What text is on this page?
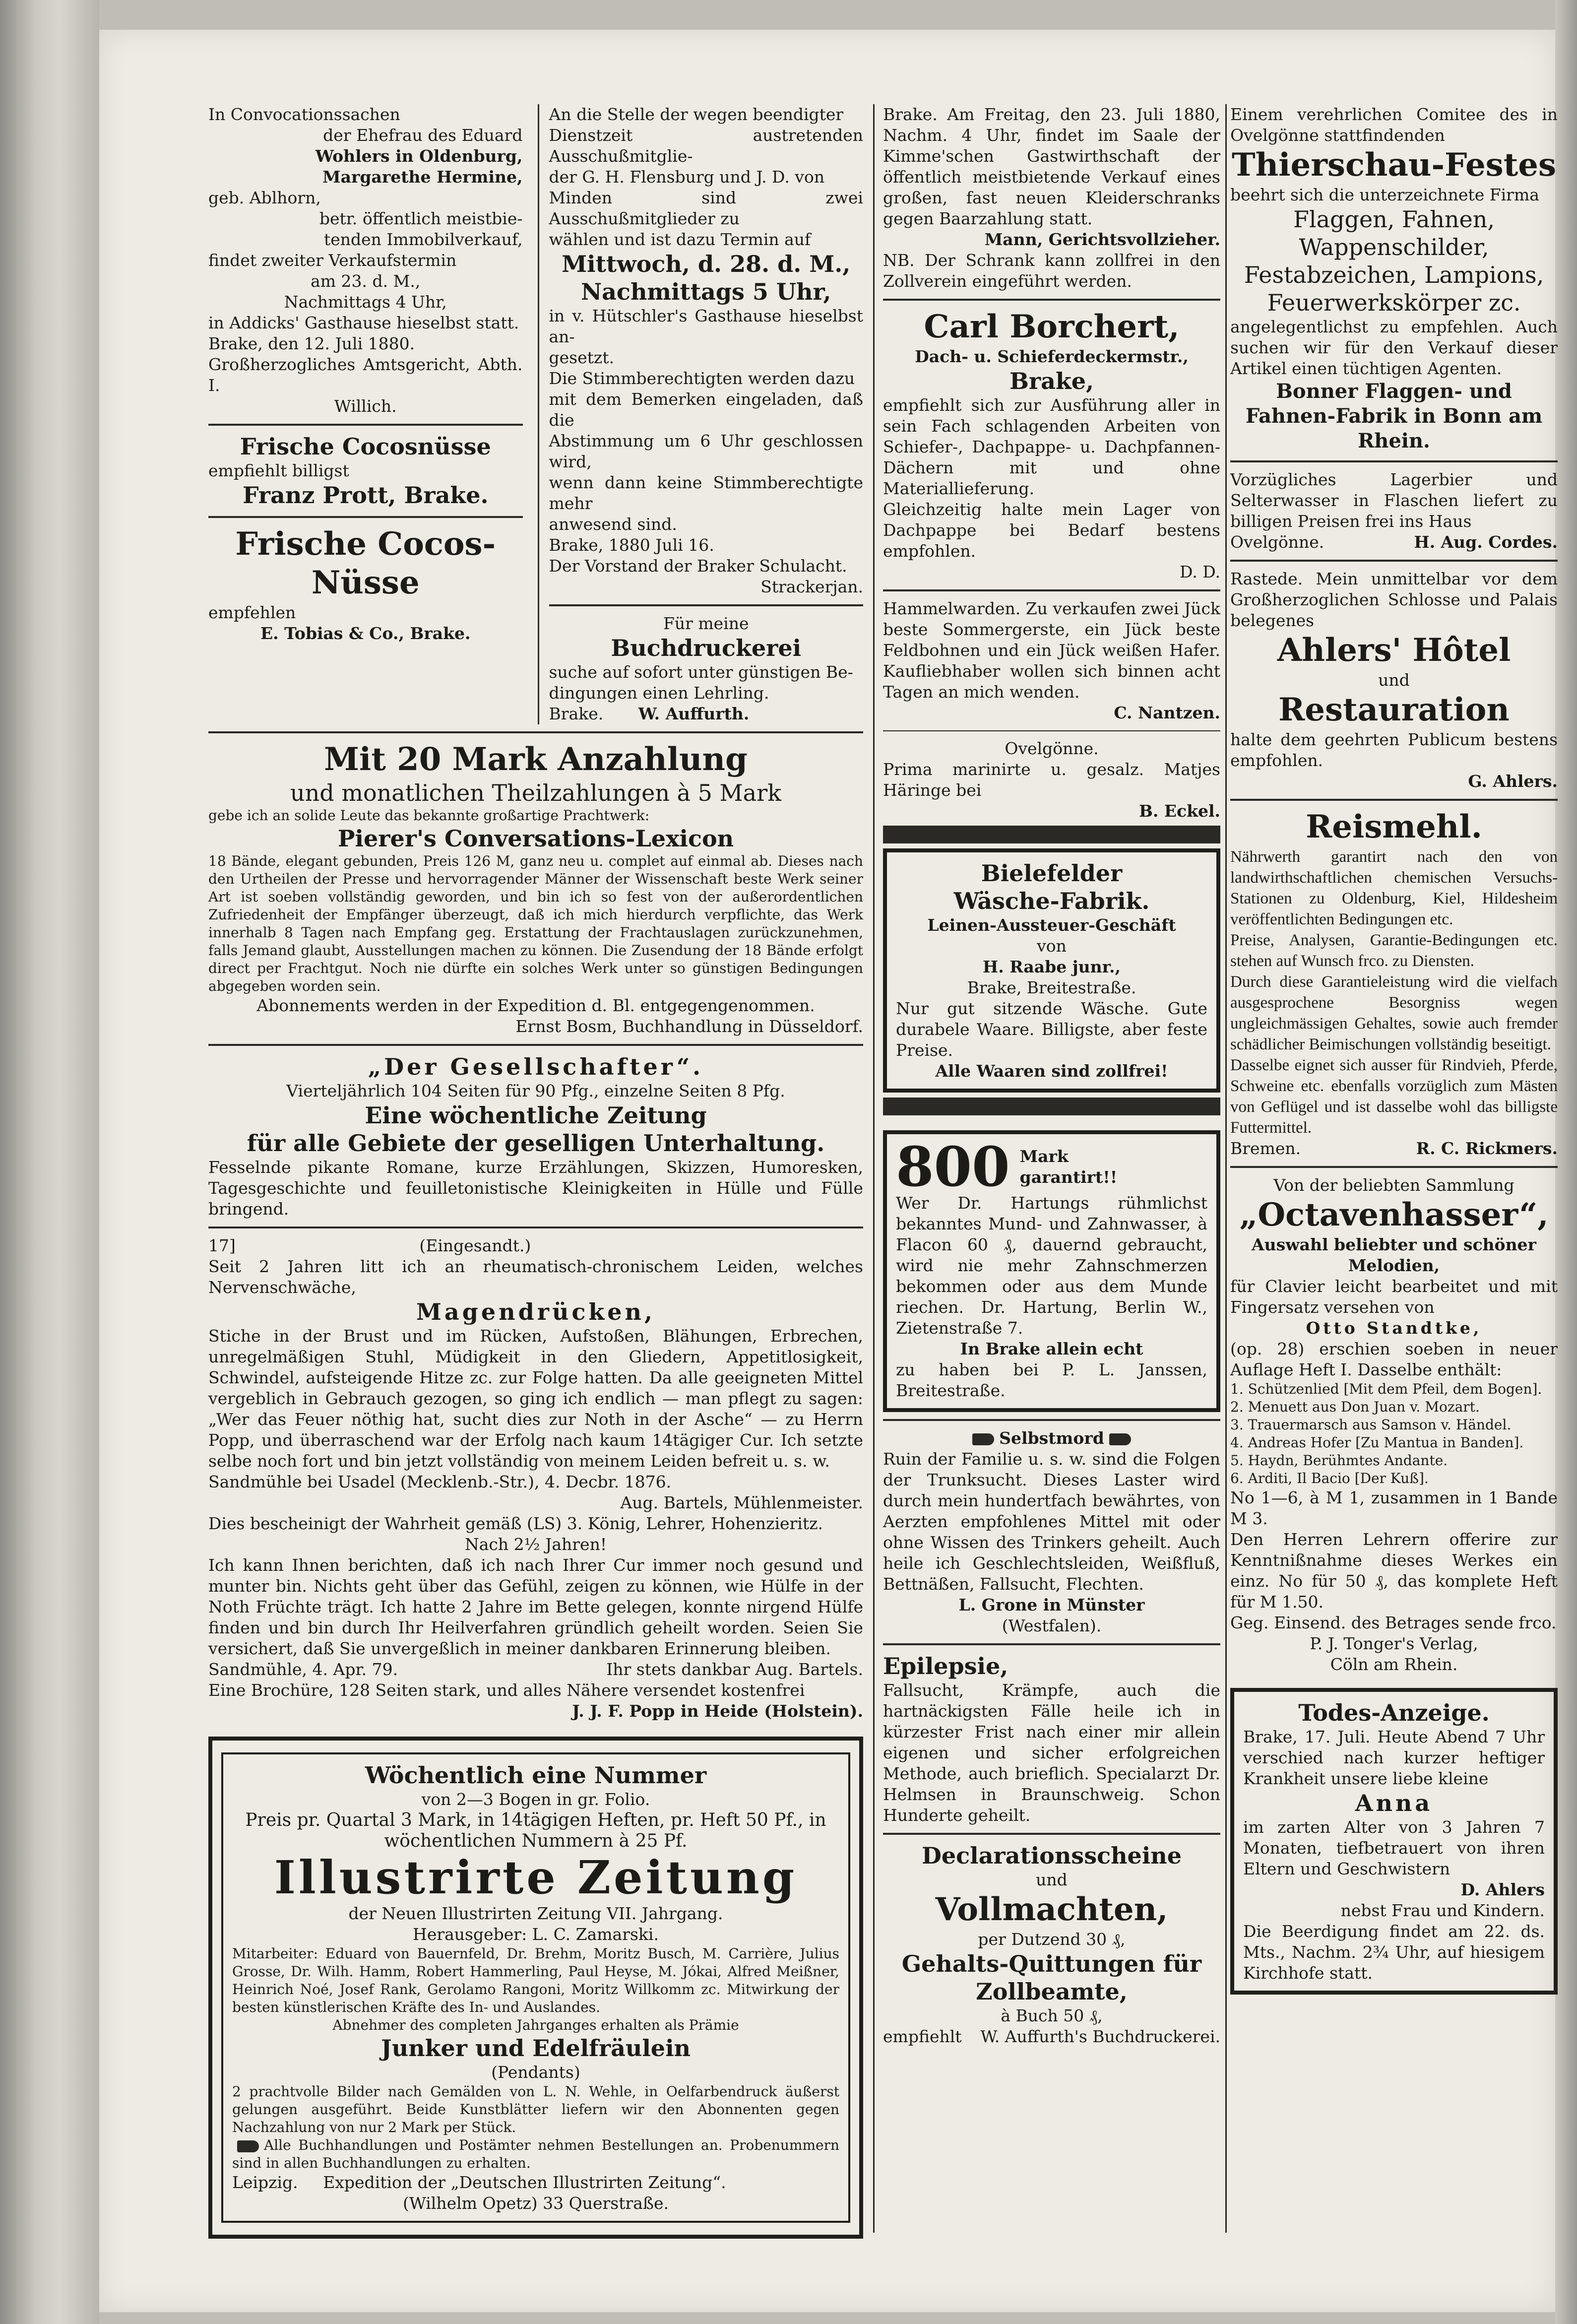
In Convocationssachen
der Ehefrau des Eduard
Wohlers in Oldenburg,
Margarethe Hermine,
geb. Ablhorn,
betr. öffentlich meistbie-
tenden Immobilverkauf,
findet zweiter Verkaufstermin
am 23. d. M.,
Nachmittags 4 Uhr,
in Addicks' Gasthause hieselbst statt.
Brake, den 12. Juli 1880.
Großherzogliches Amtsgericht, Abth. I.
Willich.
Frische Cocosnüsse
empfiehlt billigst
Franz Prott, Brake.
Frische Cocos-Nüsse
empfehlen
E. Tobias & Co., Brake.
An die Stelle der wegen beendigter
Dienstzeit austretenden Ausschußmitglie-
der G. H. Flensburg und J. D. von
Minden sind zwei Ausschußmitglieder zu
wählen und ist dazu Termin auf
Mittwoch, d. 28. d. M.,
Nachmittags 5 Uhr,
in v. Hütschler's Gasthause hieselbst an-
gesetzt.
Die Stimmberechtigten werden dazu
mit dem Bemerken eingeladen, daß die
Abstimmung um 6 Uhr geschlossen wird,
wenn dann keine Stimmberechtigte mehr
anwesend sind.
Brake, 1880 Juli 16.
Der Vorstand der Braker Schulacht.
Strackerjan.
Für meine
Buchdruckerei
suche auf sofort unter günstigen Be-
dingungen einen Lehrling.
Brake. W. Auffurth.
Mit 20 Mark Anzahlung
und monatlichen Theilzahlungen à 5 Mark
gebe ich an solide Leute das bekannte großartige Prachtwerk:
Pierer's Conversations-Lexicon
18 Bände, elegant gebunden, Preis 126 M, ganz neu u. complet auf einmal ab. Dieses nach den Urtheilen der Presse und hervorragender Männer der Wissenschaft beste Werk seiner Art ist soeben vollständig geworden, und bin ich so fest von der außerordentlichen Zufriedenheit der Empfänger überzeugt, daß ich mich hierdurch verpflichte, das Werk innerhalb 8 Tagen nach Empfang geg. Erstattung der Frachtauslagen zurückzunehmen, falls Jemand glaubt, Ausstellungen machen zu können. Die Zusendung der 18 Bände erfolgt direct per Frachtgut. Noch nie dürfte ein solches Werk unter so günstigen Bedingungen abgegeben worden sein.
Abonnements werden in der Expedition d. Bl. entgegengenommen.
Ernst Bosm, Buchhandlung in Düsseldorf.
„Der Gesellschafter“.
Vierteljährlich 104 Seiten für 90 Pfg., einzelne Seiten 8 Pfg.
Eine wöchentliche Zeitung
für alle Gebiete der geselligen Unterhaltung.
Fesselnde pikante Romane, kurze Erzählungen, Skizzen, Humoresken, Tagesgeschichte und feuilletonistische Kleinigkeiten in Hülle und Fülle bringend.
17]	(Eingesandt.)
Seit 2 Jahren litt ich an rheumatisch-chronischem Leiden, welches Nervenschwäche,
Magendrücken,
Stiche in der Brust und im Rücken, Aufstoßen, Blähungen, Erbrechen, unregelmäßigen Stuhl, Müdigkeit in den Gliedern, Appetitlosigkeit, Schwindel, aufsteigende Hitze zc. zur Folge hatten. Da alle geeigneten Mittel vergeblich in Gebrauch gezogen, so ging ich endlich — man pflegt zu sagen: „Wer das Feuer nöthig hat, sucht dies zur Noth in der Asche“ — zu Herrn Popp, und überraschend war der Erfolg nach kaum 14tägiger Cur. Ich setzte selbe noch fort und bin jetzt vollständig von meinem Leiden befreit u. s. w.
Sandmühle bei Usadel (Mecklenb.-Str.), 4. Decbr. 1876.
Aug. Bartels, Mühlenmeister.
Dies bescheinigt der Wahrheit gemäß (LS) 3. König, Lehrer, Hohenzieritz.
Nach 2½ Jahren!
Ich kann Ihnen berichten, daß ich nach Ihrer Cur immer noch gesund und munter bin. Nichts geht über das Gefühl, zeigen zu können, wie Hülfe in der Noth Früchte trägt. Ich hatte 2 Jahre im Bette gelegen, konnte nirgend Hülfe finden und bin durch Ihr Heilverfahren gründlich geheilt worden. Seien Sie versichert, daß Sie unvergeßlich in meiner dankbaren Erinnerung bleiben.
Sandmühle, 4. Apr. 79.	Ihr stets dankbar Aug. Bartels.
Eine Brochüre, 128 Seiten stark, und alles Nähere versendet kostenfrei
J. J. F. Popp in Heide (Holstein).
Wöchentlich eine Nummer
von 2—3 Bogen in gr. Folio.
Preis pr. Quartal 3 Mark, in 14tägigen Heften, pr. Heft 50 Pf., in wöchentlichen Nummern à 25 Pf.
Illustrirte Zeitung
der Neuen Illustrirten Zeitung VII. Jahrgang.
Herausgeber: L. C. Zamarski.
Mitarbeiter: Eduard von Bauernfeld, Dr. Brehm, Moritz Busch, M. Carrière, Julius Grosse, Dr. Wilh. Hamm, Robert Hammerling, Paul Heyse, M. Jókai, Alfred Meißner, Heinrich Noé, Josef Rank, Gerolamo Rangoni, Moritz Willkomm zc. Mitwirkung der besten künstlerischen Kräfte des In- und Auslandes.
Abnehmer des completen Jahrganges erhalten als Prämie
Junker und Edelfräulein
(Pendants)
2 prachtvolle Bilder nach Gemälden von L. N. Wehle, in Oelfarbendruck äußerst gelungen ausgeführt. Beide Kunstblätter liefern wir den Abonnenten gegen Nachzahlung von nur 2 Mark per Stück.
Alle Buchhandlungen und Postämter nehmen Bestellungen an. Probenummern sind in allen Buchhandlungen zu erhalten.
Leipzig. Expedition der „Deutschen Illustrirten Zeitung“.
(Wilhelm Opetz) 33 Querstraße.
Brake. Am Freitag, den 23. Juli 1880, Nachm. 4 Uhr, findet im Saale der Kimme'schen Gastwirthschaft der öffentlich meistbietende Verkauf eines großen, fast neuen Kleiderschranks gegen Baarzahlung statt.
Mann, Gerichtsvollzieher.
NB. Der Schrank kann zollfrei in den Zollverein eingeführt werden.
Carl Borchert,
Dach- u. Schieferdeckermstr.,
Brake,
empfiehlt sich zur Ausführung aller in sein Fach schlagenden Arbeiten von Schiefer-, Dachpappe- u. Dachpfannen-Dächern mit und ohne Materiallieferung.
Gleichzeitig halte mein Lager von Dachpappe bei Bedarf bestens empfohlen.
D. D.
Hammelwarden. Zu verkaufen zwei Jück beste Sommergerste, ein Jück beste Feldbohnen und ein Jück weißen Hafer. Kaufliebhaber wollen sich binnen acht Tagen an mich wenden.
C. Nantzen.
Ovelgönne.
Prima marinirte u. gesalz. Matjes Häringe bei
B. Eckel.
Bielefelder
Wäsche-Fabrik.
Leinen-Aussteuer-Geschäft
von
H. Raabe junr.,
Brake, Breitestraße.
Nur gut sitzende Wäsche. Gute durabele Waare. Billigste, aber feste Preise.
Alle Waaren sind zollfrei!
800 Mark
garantirt!!
Wer Dr. Hartungs rühmlichst bekanntes Mund- und Zahnwasser, à Flacon 60 ₰, dauernd gebraucht, wird nie mehr Zahnschmerzen bekommen oder aus dem Munde riechen. Dr. Hartung, Berlin W., Zietenstraße 7.
In Brake allein echt
zu haben bei P. L. Janssen, Breitestraße.
Selbstmord
Ruin der Familie u. s. w. sind die Folgen der Trunksucht. Dieses Laster wird durch mein hundertfach bewährtes, von Aerzten empfohlenes Mittel mit oder ohne Wissen des Trinkers geheilt. Auch heile ich Geschlechtsleiden, Weißfluß, Bettnäßen, Fallsucht, Flechten.
L. Grone in Münster
(Westfalen).
Epilepsie,
Fallsucht, Krämpfe, auch die hartnäckigsten Fälle heile ich in kürzester Frist nach einer mir allein eigenen und sicher erfolgreichen Methode, auch brieflich. Specialarzt Dr. Helmsen in Braunschweig. Schon Hunderte geheilt.
Declarationsscheine
und
Vollmachten,
per Dutzend 30 ₰,
Gehalts-Quittungen für Zollbeamte,
à Buch 50 ₰,
empfiehlt W. Auffurth's Buchdruckerei.
Einem verehrlichen Comitee des in Ovelgönne stattfindenden
Thierschau-Festes
beehrt sich die unterzeichnete Firma
Flaggen, Fahnen, Wappenschilder, Festabzeichen, Lampions, Feuerwerkskörper zc.
angelegentlichst zu empfehlen. Auch suchen wir für den Verkauf dieser Artikel einen tüchtigen Agenten.
Bonner Flaggen- und Fahnen-Fabrik in Bonn am Rhein.
Vorzügliches Lagerbier und Selterwasser in Flaschen liefert zu billigen Preisen frei ins Haus
Ovelgönne.	H. Aug. Cordes.
Rastede. Mein unmittelbar vor dem Großherzoglichen Schlosse und Palais belegenes
Ahlers' Hôtel
und
Restauration
halte dem geehrten Publicum bestens empfohlen.
G. Ahlers.
Reismehl.
Nährwerth garantirt nach den von landwirthschaftlichen chemischen Versuchs-Stationen zu Oldenburg, Kiel, Hildesheim veröffentlichten Bedingungen etc.
Preise, Analysen, Garantie-Bedingungen etc. stehen auf Wunsch frco. zu Diensten.
Durch diese Garantieleistung wird die vielfach ausgesprochene Besorgniss wegen ungleichmässigen Gehaltes, sowie auch fremder schädlicher Beimischungen vollständig beseitigt.
Dasselbe eignet sich ausser für Rindvieh, Pferde, Schweine etc. ebenfalls vorzüglich zum Mästen von Geflügel und ist dasselbe wohl das billigste Futtermittel.
Bremen.	R. C. Rickmers.
Von der beliebten Sammlung
„Octavenhasser“,
Auswahl beliebter und schöner Melodien,
für Clavier leicht bearbeitet und mit Fingersatz versehen von
Otto Standtke,
(op. 28) erschien soeben in neuer Auflage Heft I. Dasselbe enthält:
1. Schützenlied [Mit dem Pfeil, dem Bogen].
2. Menuett aus Don Juan v. Mozart.
3. Trauermarsch aus Samson v. Händel.
4. Andreas Hofer [Zu Mantua in Banden].
5. Haydn, Berühmtes Andante.
6. Arditi, Il Bacio [Der Kuß].
No 1—6, à M 1, zusammen in 1 Bande M 3.
Den Herren Lehrern offerire zur Kenntnißnahme dieses Werkes ein einz. No für 50 ₰, das komplete Heft für M 1.50.
Geg. Einsend. des Betrages sende frco.
P. J. Tonger's Verlag,
Cöln am Rhein.
Todes-Anzeige.
Brake, 17. Juli. Heute Abend 7 Uhr verschied nach kurzer heftiger Krankheit unsere liebe kleine
Anna
im zarten Alter von 3 Jahren 7 Monaten, tiefbetrauert von ihren Eltern und Geschwistern
D. Ahlers
nebst Frau und Kindern.
Die Beerdigung findet am 22. ds. Mts., Nachm. 2¾ Uhr, auf hiesigem Kirchhofe statt.
